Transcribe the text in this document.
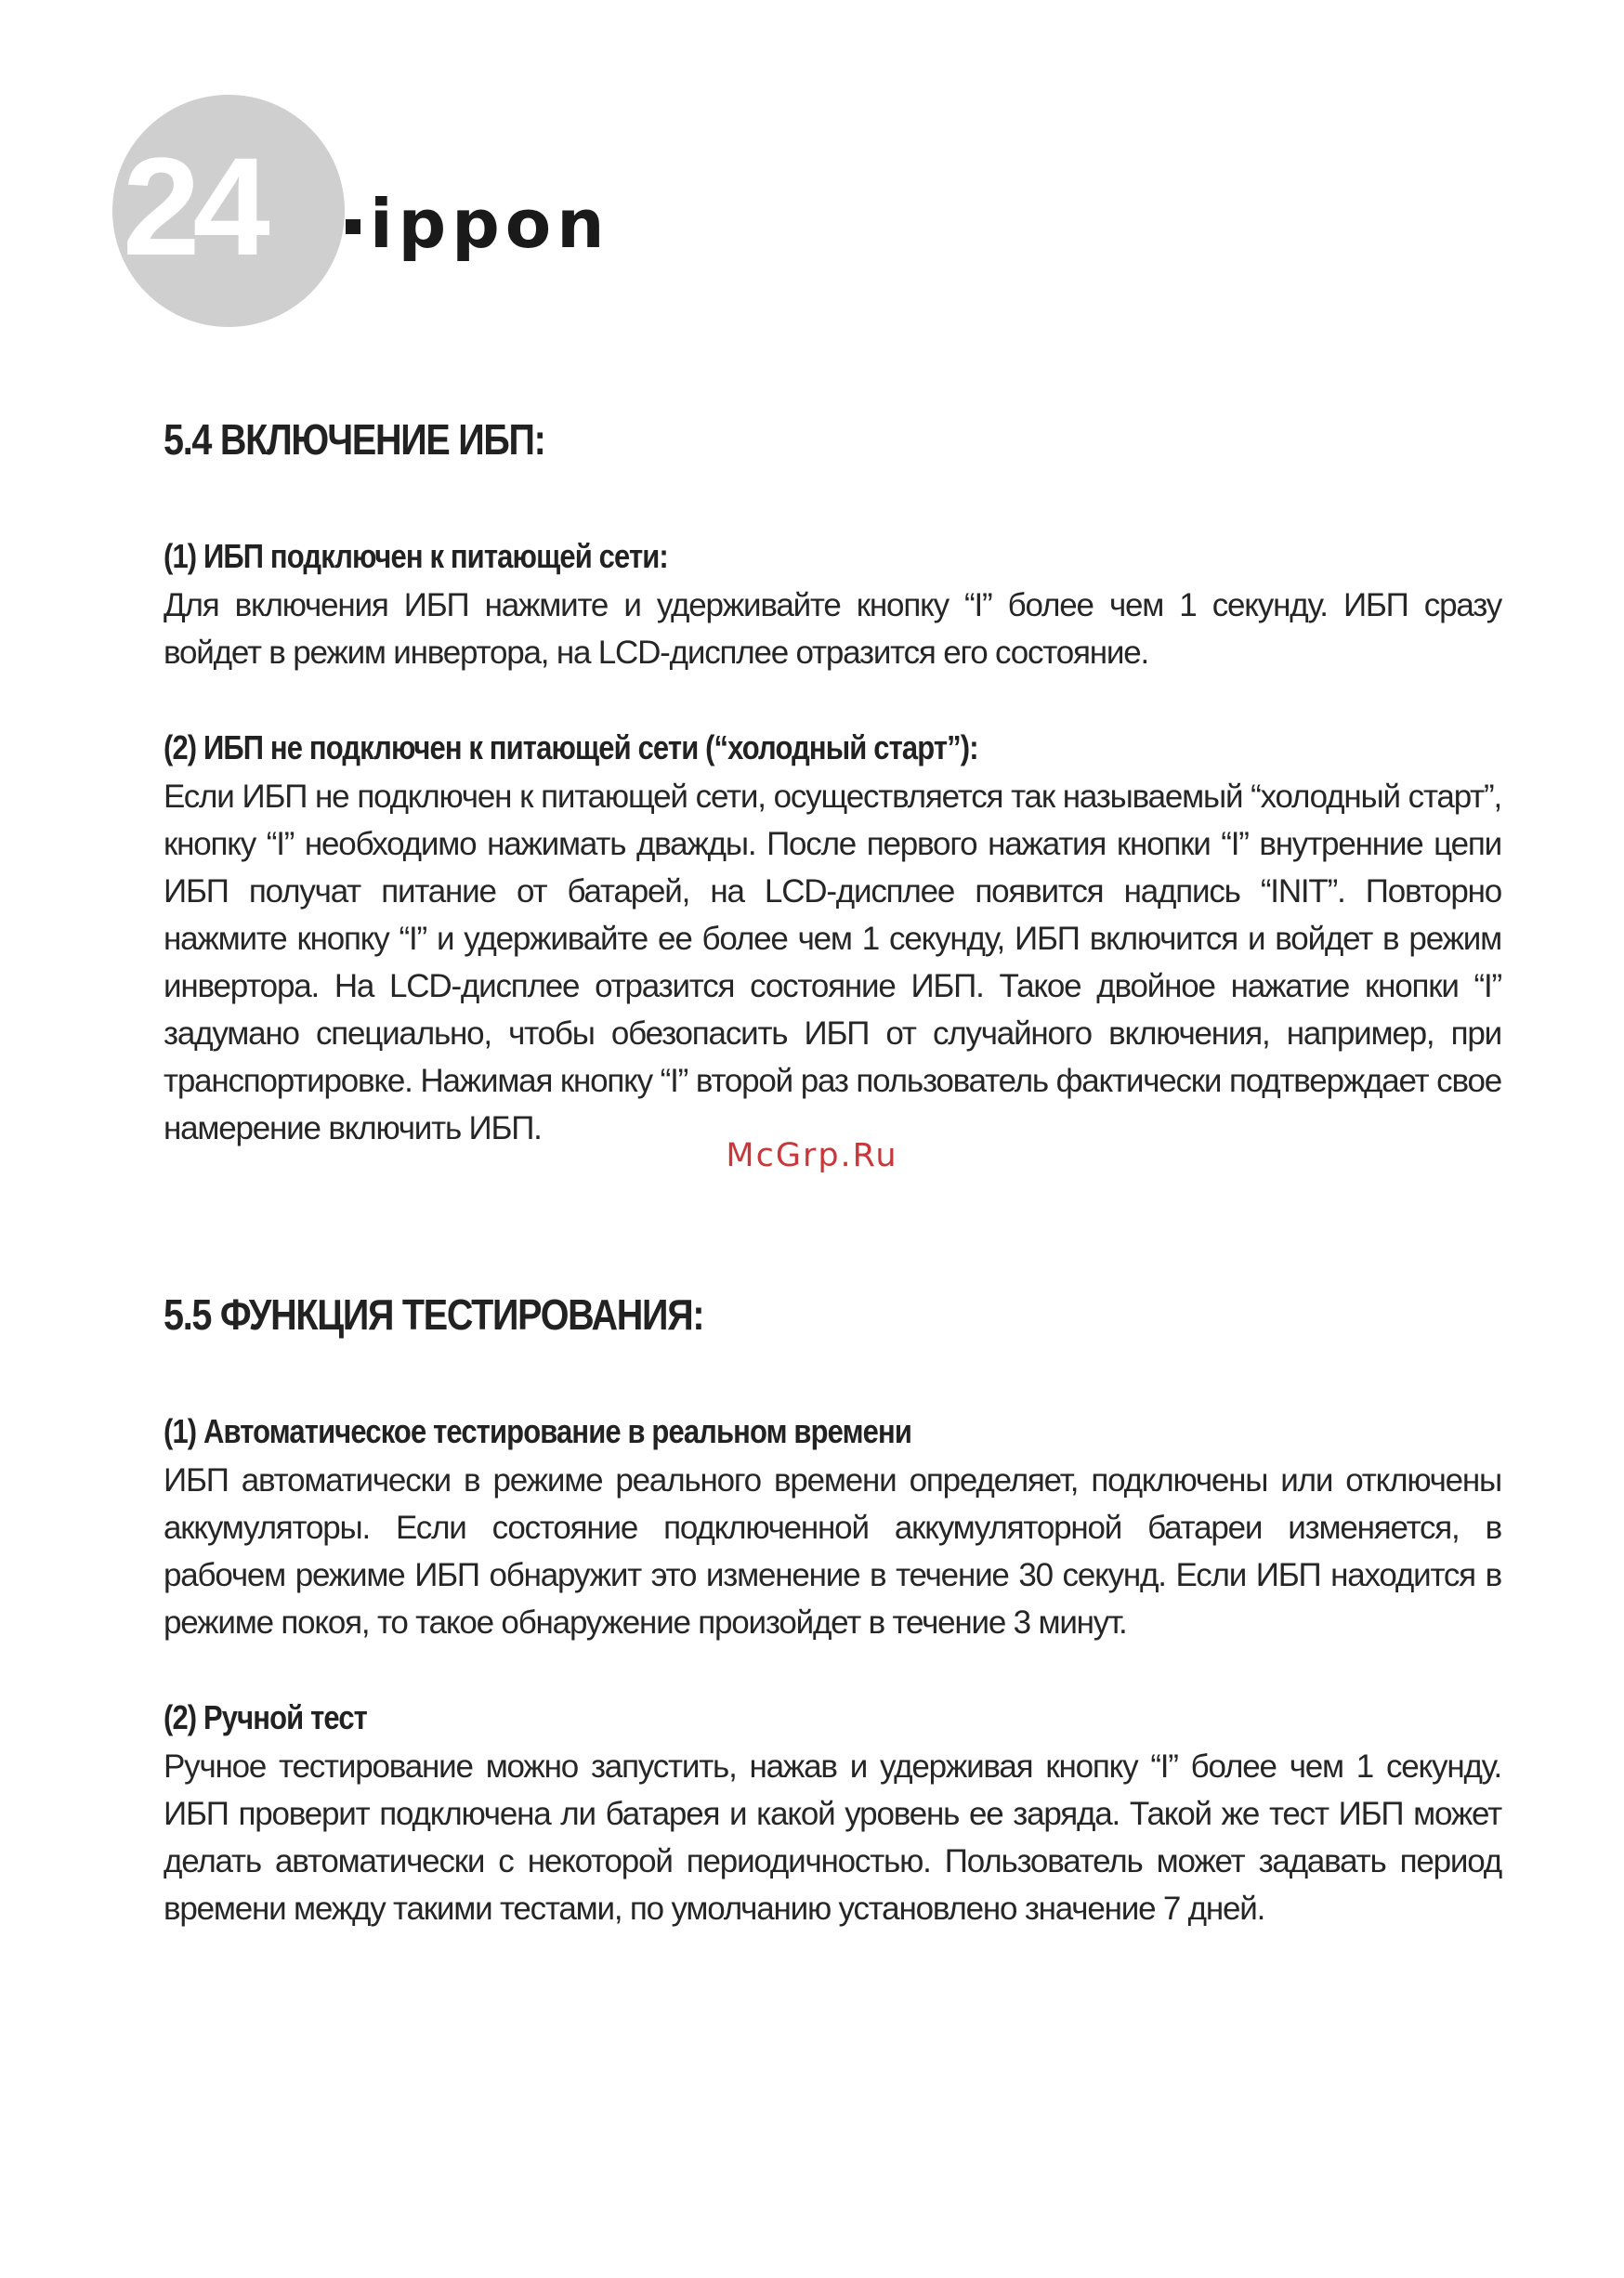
24 ippon
5.4 ВКЛЮЧЕНИЕ ИБП:
(1) ИБП подключен к питающей сети:

Для включения ИБП нажмите и удерживайте кнопку “I” более чем 1 секунду. ИБП сразу войдет в режим инвертора, на LCD-дисплее отразится его состояние.

(2) ИБП не подключен к питающей сети (“холодный старт”):

Если ИБП не подключен к питающей сети, осуществляется так называемый “холодный старт”, кнопку “I” необходимо нажимать дважды. После первого нажатия кнопки “I” внутренние цепи ИБП получат питание от батарей, на LCD-дисплее появится надпись “INIT”. Повторно нажмите кнопку “I” и удерживайте ее более чем 1 секунду, ИБП включится и войдет в режим инвертора. На LCD-дисплее отразится состояние ИБП. Такое двойное нажатие кнопки “I” задумано специально, чтобы обезопасить ИБП от случайного включения, например, при транспортировке. Нажимая кнопку “I” второй раз пользователь фактически подтверждает свое намерение включить ИБП.

5.5 ФУНКЦИЯ ТЕСТИРОВАНИЯ:
(1) Автоматическое тестирование в реальном времени

ИБП автоматически в режиме реального времени определяет, подключены или отключены аккумуляторы. Если состояние подключенной аккумуляторной батареи изменяется, в рабочем режиме ИБП обнаружит это изменение в течение 30 секунд. Если ИБП находится в режиме покоя, то такое обнаружение произойдет в течение 3 минут.

(2) Ручной тест

Ручное тестирование можно запустить, нажав и удерживая кнопку “I” более чем 1 секунду. ИБП проверит подключена ли батарея и какой уровень ее заряда. Такой же тест ИБП может делать автоматически с некоторой периодичностью. Пользователь может задавать период времени между такими тестами, по умолчанию установлено значение 7 дней.

McGrp.Ru
